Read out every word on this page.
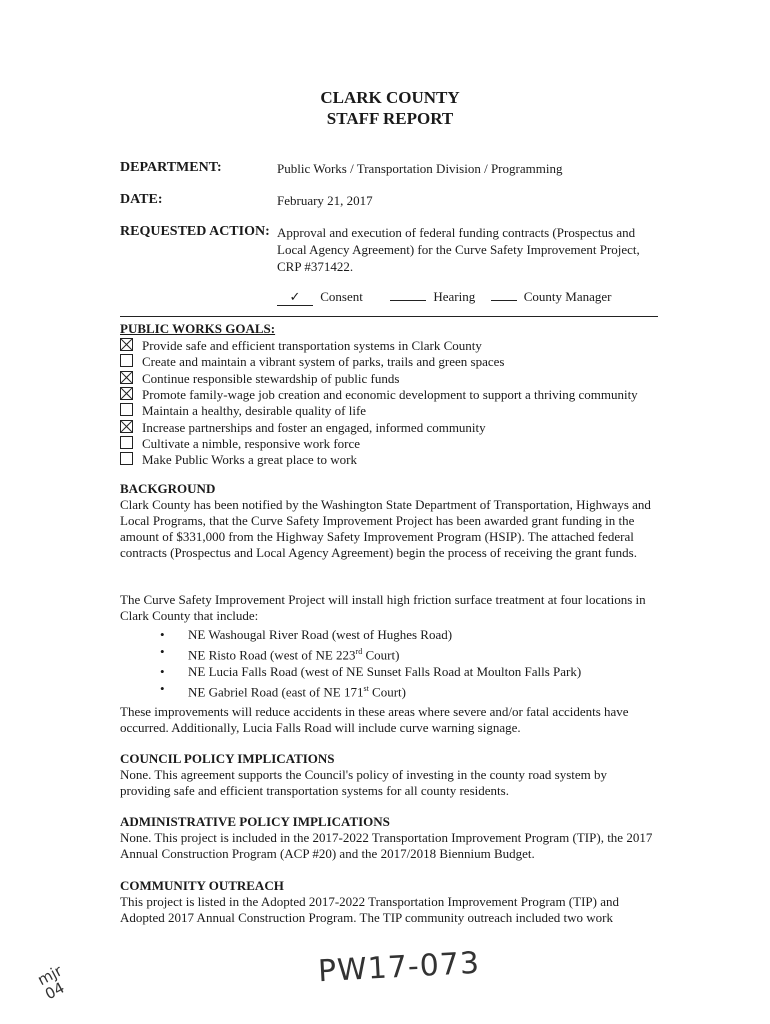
CLARK COUNTY
STAFF REPORT
DEPARTMENT:	Public Works / Transportation Division / Programming
DATE:	February 21, 2017
REQUESTED ACTION: Approval and execution of federal funding contracts (Prospectus and Local Agency Agreement) for the Curve Safety Improvement Project, CRP #371422.
✓ Consent	Hearing	County Manager
PUBLIC WORKS GOALS:
Provide safe and efficient transportation systems in Clark County
Create and maintain a vibrant system of parks, trails and green spaces
Continue responsible stewardship of public funds
Promote family-wage job creation and economic development to support a thriving community
Maintain a healthy, desirable quality of life
Increase partnerships and foster an engaged, informed community
Cultivate a nimble, responsive work force
Make Public Works a great place to work
BACKGROUND
Clark County has been notified by the Washington State Department of Transportation, Highways and Local Programs, that the Curve Safety Improvement Project has been awarded grant funding in the amount of $331,000 from the Highway Safety Improvement Program (HSIP). The attached federal contracts (Prospectus and Local Agency Agreement) begin the process of receiving the grant funds.
The Curve Safety Improvement Project will install high friction surface treatment at four locations in Clark County that include:
• NE Washougal River Road (west of Hughes Road)
• NE Risto Road (west of NE 223rd Court)
• NE Lucia Falls Road (west of NE Sunset Falls Road at Moulton Falls Park)
• NE Gabriel Road (east of NE 171st Court)
These improvements will reduce accidents in these areas where severe and/or fatal accidents have occurred. Additionally, Lucia Falls Road will include curve warning signage.
COUNCIL POLICY IMPLICATIONS
None. This agreement supports the Council's policy of investing in the county road system by providing safe and efficient transportation systems for all county residents.
ADMINISTRATIVE POLICY IMPLICATIONS
None. This project is included in the 2017-2022 Transportation Improvement Program (TIP), the 2017 Annual Construction Program (ACP #20) and the 2017/2018 Biennium Budget.
COMMUNITY OUTREACH
This project is listed in the Adopted 2017-2022 Transportation Improvement Program (TIP) and Adopted 2017 Annual Construction Program. The TIP community outreach included two work
PW17-073
mjr 04
